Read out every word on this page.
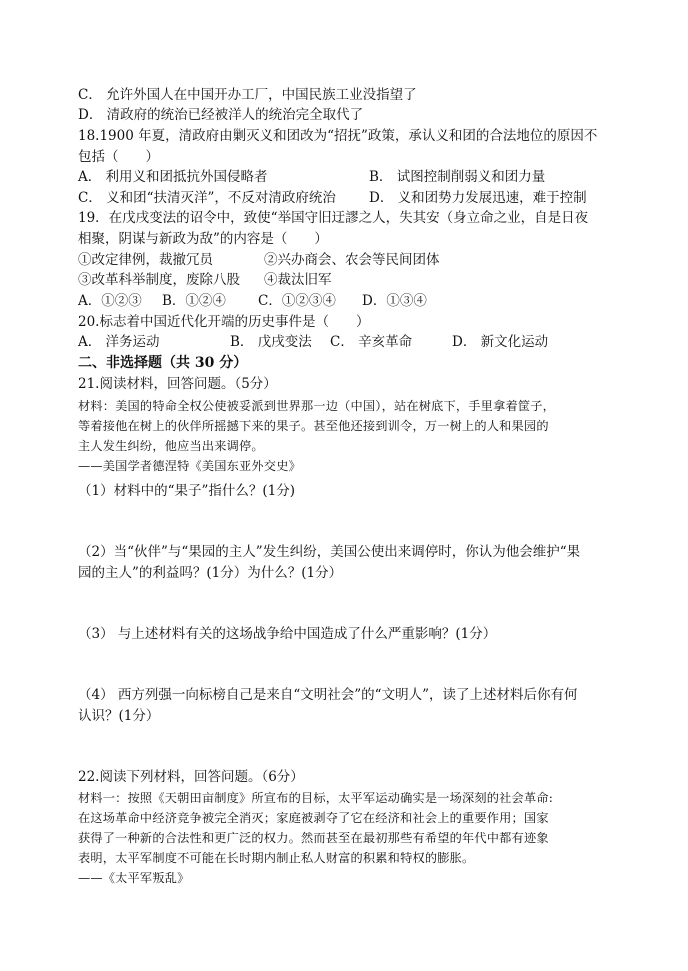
C． 允许外国人在中国开办工厂，中国民族工业没指望了
D． 清政府的统治已经被洋人的统治完全取代了
18.1900 年夏，清政府由剿灭义和团改为“招抚”政策，承认义和团的合法地位的原因不
包括（　　）
A． 利用义和团抵抗外国侵略者	B． 试图控制削弱义和团力量
C． 义和团“扶清灭洋”，不反对清政府统治 D． 义和团势力发展迅速，难于控制
19．在戊戌变法的诏令中，致使“举国守旧迂謬之人，失其安（身立命之业，自是日夜
相聚，阴谋与新政为敌”的内容是（　　）
①改定律例，裁撤冗员	②兴办商会、农会等民间团体
③改革科举制度，废除八股 ④裁汰旧军
A．①②③ B．①②④ C．①②③④ D．①③④
20.标志着中国近代化开端的历史事件是（　　）
A． 洋务运动	B． 戊戌变法 C． 辛亥革命	D． 新文化运动
二、非选择题（共 30 分）
21.阅读材料，回答问题。（5分）
材料：美国的特命全权公使被妥派到世界那一边（中国），站在树底下，手里拿着筐子，
等着接他在树上的伙伴所摇撼下来的果子。甚至他还接到训令，万一树上的人和果园的
主人发生纠纷，他应当出来调停。
——美国学者德涅特《美国东亚外交史》
（1）材料中的“果子”指什么？(1分)
（2）当“伙伴”与“果园的主人”发生纠纷，美国公使出来调停时，你认为他会维护“果
园的主人”的利益吗？(1分）为什么？(1分）
（3） 与上述材料有关的这场战争给中国造成了什么严重影响？(1分）
（4） 西方列强一向标榜自己是来自“文明社会”的“文明人”，读了上述材料后你有何
认识？(1分）
22.阅读下列材料，回答问题。（6分）
材料一：按照《天朝田亩制度》所宣布的目标，太平军运动确实是一场深刻的社会革命:
在这场革命中经济竞争被完全消灭；家庭被剥夺了它在经济和社会上的重要作用；国家
获得了一种新的合法性和更广泛的权力。然而甚至在最初那些有希望的年代中都有迹象
表明，太平军制度不可能在长时期内制止私人财富的积累和特权的膨胀。
——《太平军叛乱》
